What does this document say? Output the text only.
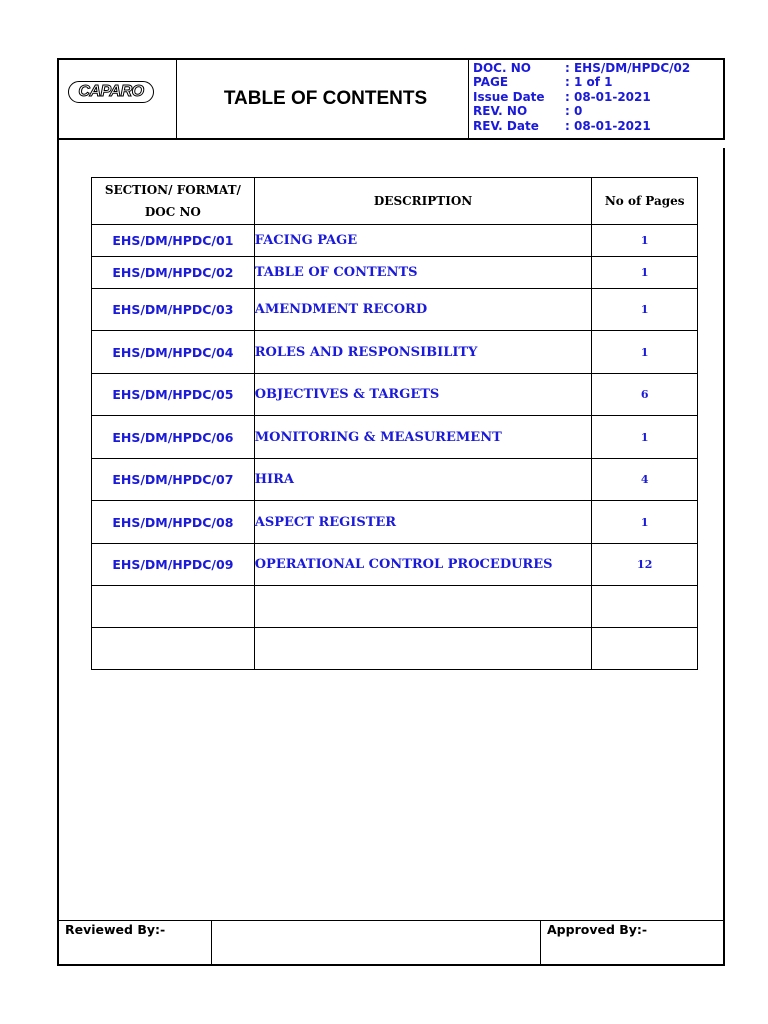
CAPARO	TABLE OF CONTENTS
DOC. NO	: EHS/DM/HPDC/02
PAGE	: 1 of 1
Issue Date : 08-01-2021
REV. NO	: 0
REV. Date : 08-01-2021
SECTION/ FORMAT/
DOC NO	DESCRIPTION	No of Pages
EHS/DM/HPDC/01	FACING PAGE	1
EHS/DM/HPDC/02	TABLE OF CONTENTS	1
EHS/DM/HPDC/03	AMENDMENT RECORD	1
EHS/DM/HPDC/04	ROLES AND RESPONSIBILITY	1
EHS/DM/HPDC/05	OBJECTIVES & TARGETS	6
EHS/DM/HPDC/06	MONITORING & MEASUREMENT	1
EHS/DM/HPDC/07	HIRA	4
EHS/DM/HPDC/08	ASPECT REGISTER	1
EHS/DM/HPDC/09	OPERATIONAL CONTROL PROCEDURES	12

Reviewed By:-	Approved By:-
